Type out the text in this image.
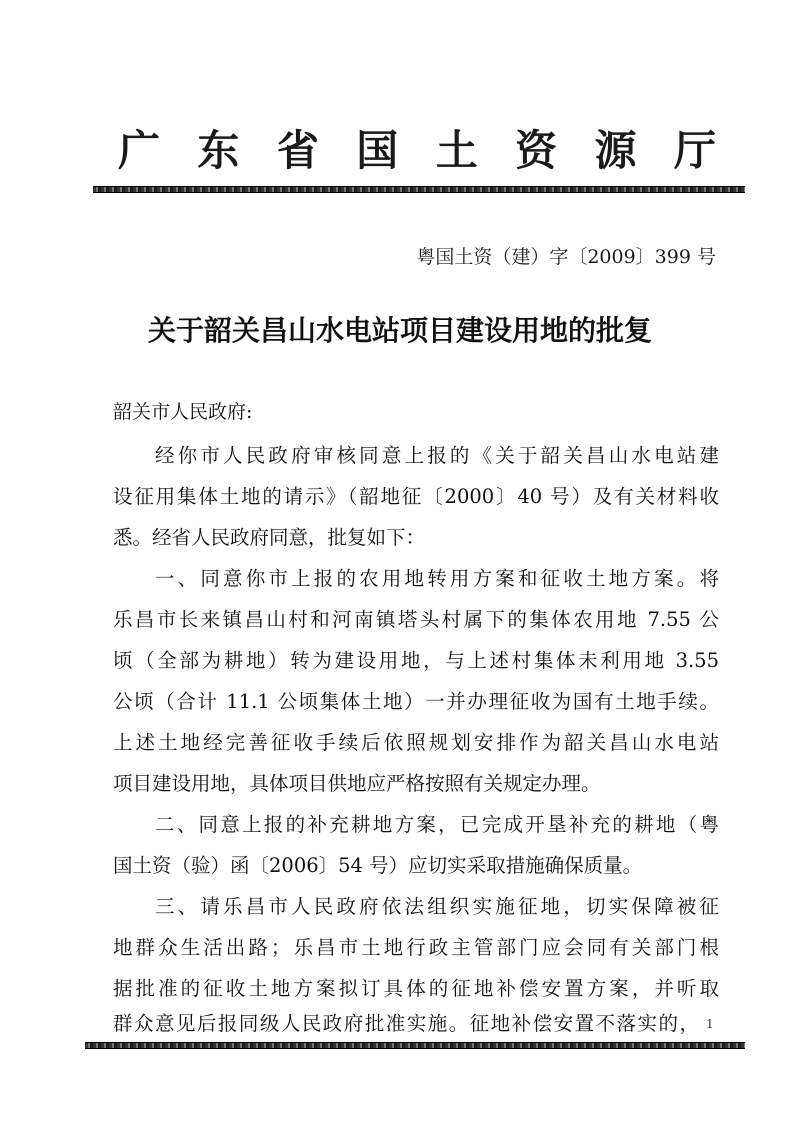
广 东 省 国 土 资 源 厅
粤国土资（建）字〔2009〕399 号
关于韶关昌山水电站项目建设用地的批复
韶关市人民政府:
经你市人民政府审核同意上报的《关于韶关昌山水电站建
设征用集体土地的请示》（韶地征〔2000〕40 号）及有关材料收
悉。经省人民政府同意，批复如下：
一、同意你市上报的农用地转用方案和征收土地方案。将
乐昌市长来镇昌山村和河南镇塔头村属下的集体农用地 7.55 公
顷（全部为耕地）转为建设用地，与上述村集体未利用地 3.55
公顷（合计 11.1 公顷集体土地）一并办理征收为国有土地手续。
上述土地经完善征收手续后依照规划安排作为韶关昌山水电站
项目建设用地，具体项目供地应严格按照有关规定办理。
二、同意上报的补充耕地方案，已完成开垦补充的耕地（粤
国土资（验）函〔2006〕54 号）应切实采取措施确保质量。
三、请乐昌市人民政府依法组织实施征地，切实保障被征
地群众生活出路；乐昌市土地行政主管部门应会同有关部门根
据批准的征收土地方案拟订具体的征地补偿安置方案，并听取
群众意见后报同级人民政府批准实施。征地补偿安置不落实的， 1
